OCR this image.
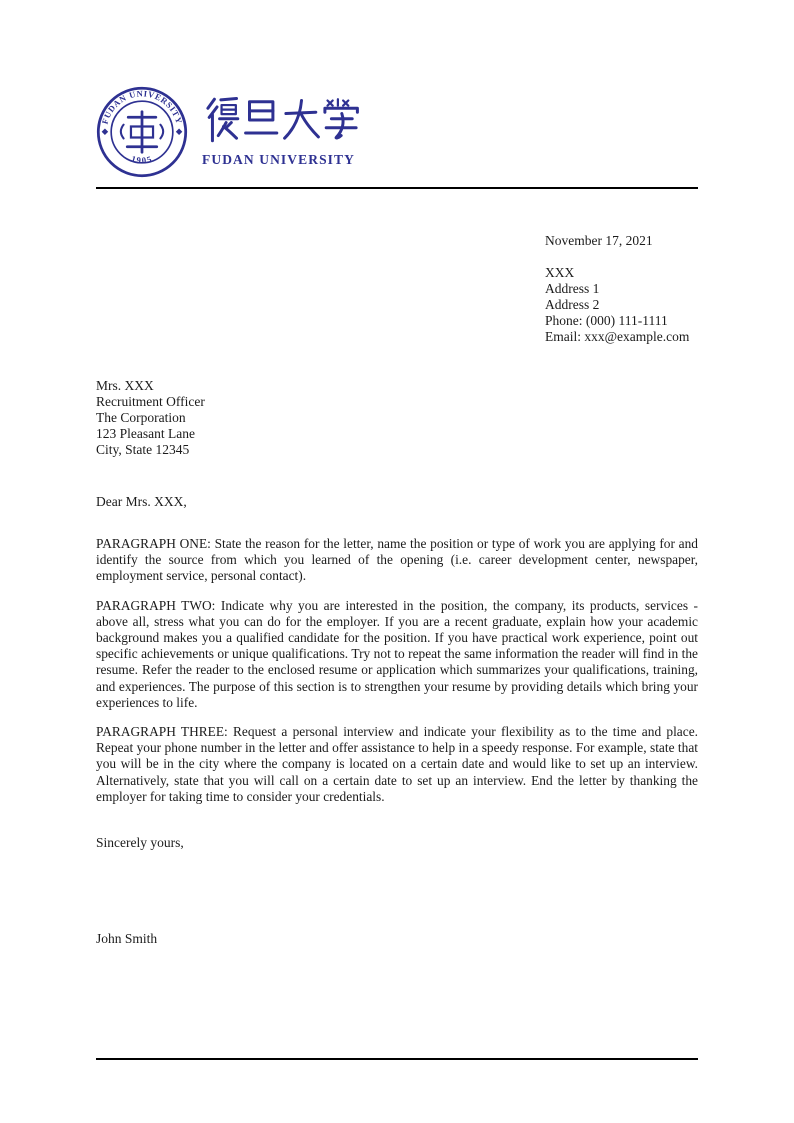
FUDAN UNIVERSITY
1905	FUDAN UNIVERSITY
November 17, 2021
XXX
Address 1
Address 2
Phone: (000) 111-1111
Email: xxx@example.com
Mrs. XXX
Recruitment Officer
The Corporation
123 Pleasant Lane
City, State 12345
Dear Mrs. XXX,

PARAGRAPH ONE: State the reason for the letter, name the position or type of work you are applying for and identify the source from which you learned of the opening (i.e. career development center, newspaper, employment service, personal contact).

PARAGRAPH TWO: Indicate why you are interested in the position, the company, its products, services - above all, stress what you can do for the employer. If you are a recent graduate, explain how your academic background makes you a qualified candidate for the position. If you have practical work experience, point out specific achievements or unique qualifications. Try not to repeat the same information the reader will find in the resume. Refer the reader to the enclosed resume or application which summarizes your qualifications, training, and experiences. The purpose of this section is to strengthen your resume by providing details which bring your experiences to life.

PARAGRAPH THREE: Request a personal interview and indicate your flexibility as to the time and place. Repeat your phone number in the letter and offer assistance to help in a speedy response. For example, state that you will be in the city where the company is located on a certain date and would like to set up an interview. Alternatively, state that you will call on a certain date to set up an interview. End the letter by thanking the employer for taking time to consider your credentials.

Sincerely yours,
John Smith
